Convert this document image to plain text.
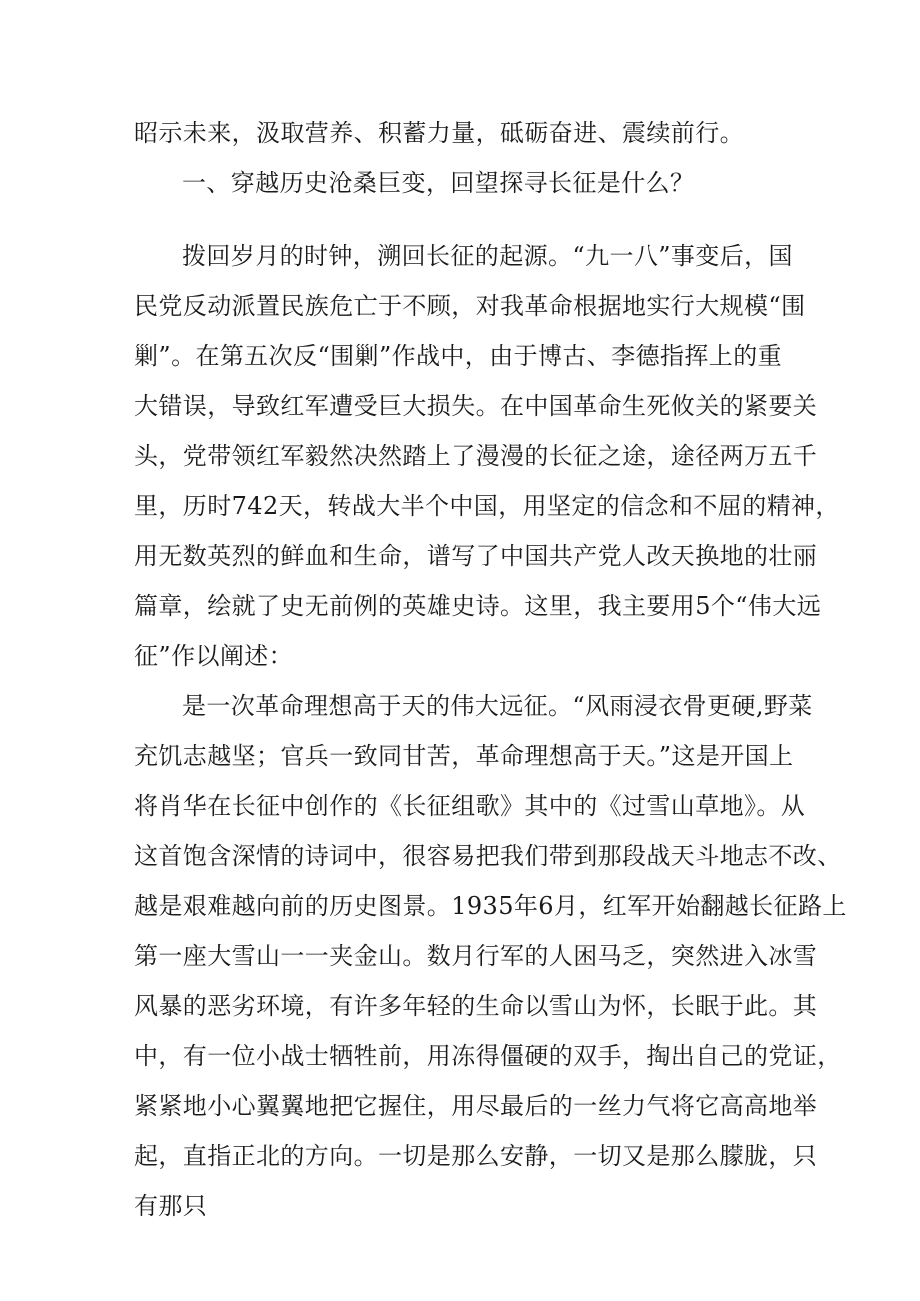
昭示未来，汲取营养、积蓄力量，砥砺奋进、震续前行。
一、穿越历史沧桑巨变，回望探寻长征是什么？
拨回岁月的时钟，溯回长征的起源。“九一八”事变后，国
民党反动派置民族危亡于不顾，对我革命根据地实行大规模“围
剿”。在第五次反“围剿”作战中，由于博古、李德指挥上的重
大错误，导致红军遭受巨大损失。在中国革命生死攸关的紧要关
头，党带领红军毅然决然踏上了漫漫的长征之途，途径两万五千
里，历时742天，转战大半个中国，用坚定的信念和不屈的精神，
用无数英烈的鲜血和生命，谱写了中国共产党人改天换地的壮丽
篇章，绘就了史无前例的英雄史诗。这里，我主要用5个“伟大远
征”作以阐述：
是一次革命理想高于天的伟大远征。“风雨浸衣骨更硬,野菜
充饥志越坚；官兵一致同甘苦，革命理想高于天。”这是开国上
将肖华在长征中创作的《长征组歌》其中的《过雪山草地》。从
这首饱含深情的诗词中，很容易把我们带到那段战天斗地志不改、
越是艰难越向前的历史图景。1935年6月，红军开始翻越长征路上
第一座大雪山一一夹金山。数月行军的人困马乏，突然进入冰雪
风暴的恶劣环境，有许多年轻的生命以雪山为怀，长眠于此。其
中，有一位小战士牺牲前，用冻得僵硬的双手，掏出自己的党证，
紧紧地小心翼翼地把它握住，用尽最后的一丝力气将它高高地举
起，直指正北的方向。一切是那么安静，一切又是那么朦胧，只
有那只
